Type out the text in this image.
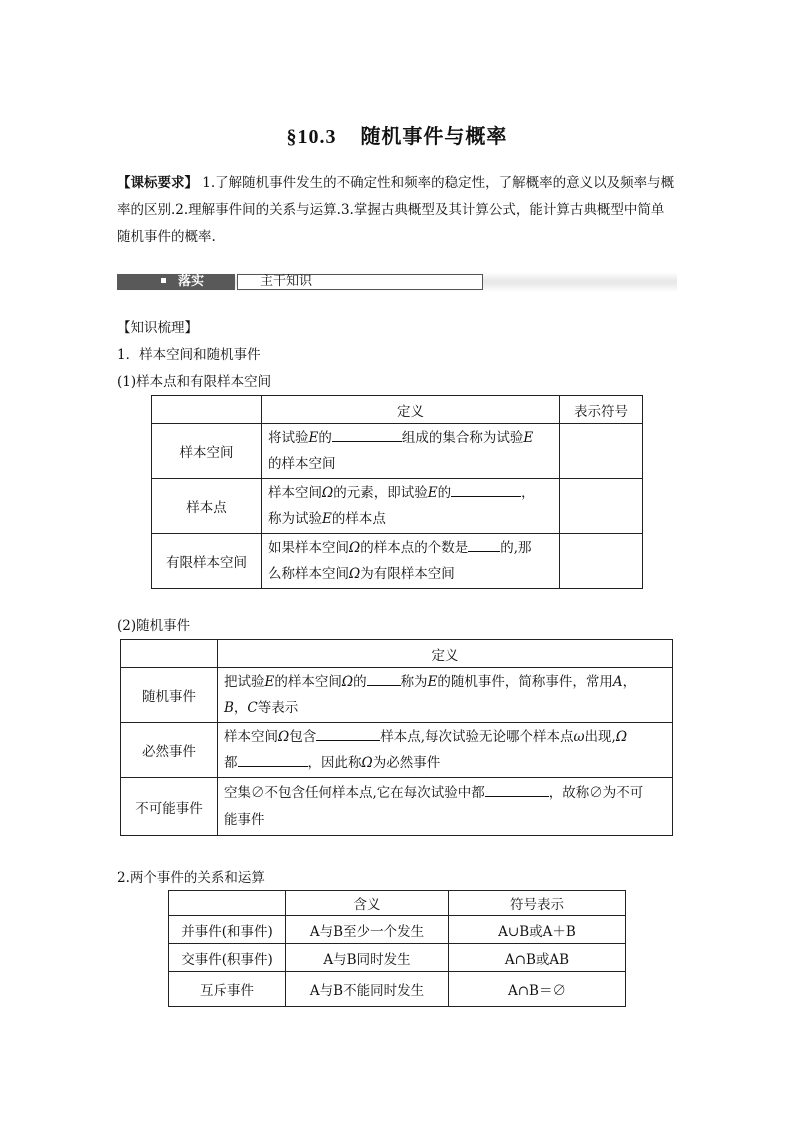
§10.3 随机事件与概率
【课标要求】 1.了解随机事件发生的不确定性和频率的稳定性，了解概率的意义以及频率与概率的区别.2.理解事件间的关系与运算.3.掌握古典概型及其计算公式，能计算古典概型中简单随机事件的概率.
落实	主干知识
【知识梳理】
1．样本空间和随机事件
(1)样本点和有限样本空间
	定义	表示符号
样本空间	将试验E的 组成的集合称为试验E
的样本空间	
样本点	样本空间Ω的元素，即试验E的 ，
称为试验E的样本点	
有限样本空间	如果样本空间Ω的样本点的个数是 的,那
么称样本空间Ω为有限样本空间	
(2)随机事件
	定义
随机事件	把试验E的样本空间Ω的 称为E的随机事件，简称事件，常用A，
B，C等表示
必然事件	样本空间Ω包含 样本点,每次试验无论哪个样本点ω出现,Ω
都 ，因此称Ω为必然事件
不可能事件	空集∅不包含任何样本点,它在每次试验中都 ，故称∅为不可
能事件
2.两个事件的关系和运算
	含义	符号表示
并事件(和事件)	A与B至少一个发生	A∪B或A＋B
交事件(积事件)	A与B同时发生	A∩B或AB
互斥事件	A与B不能同时发生	A∩B＝∅
